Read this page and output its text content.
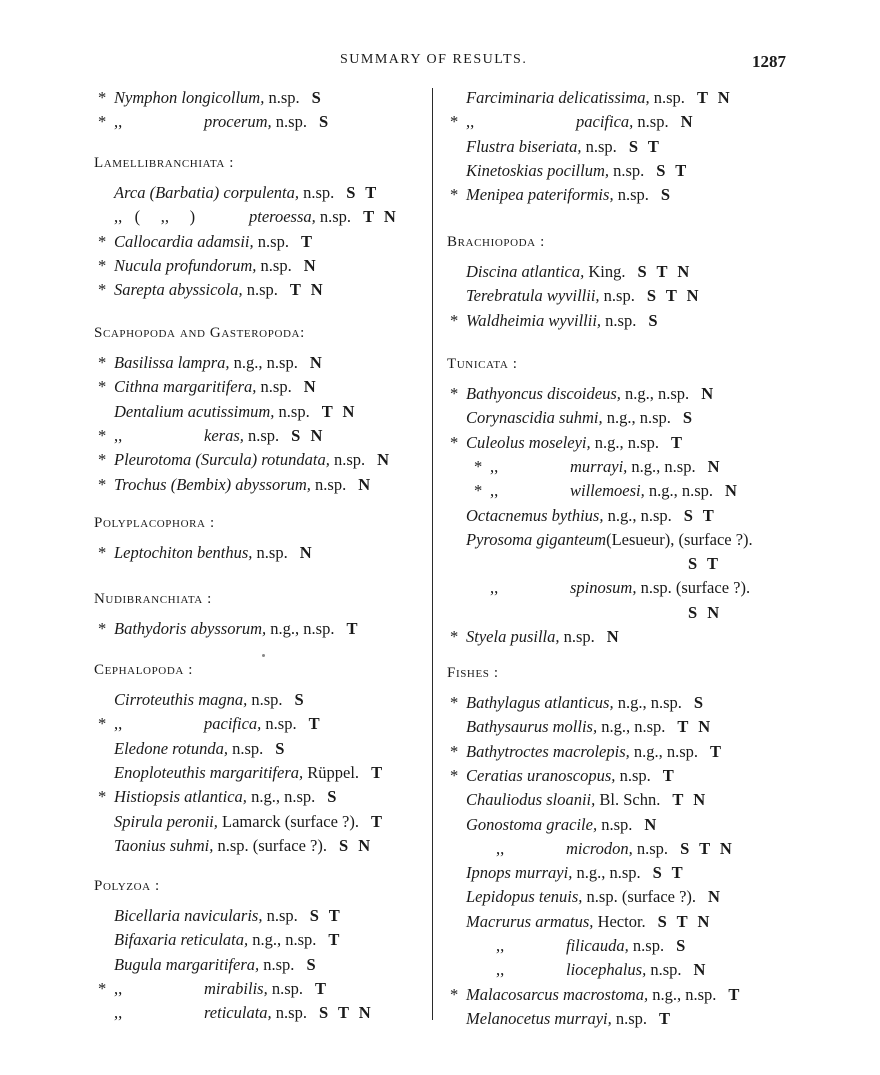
SUMMARY OF RESULTS.	1287
* Nymphon longicollum, n.sp. S
* ,,	procerum, n.sp. S
Lamellibranchiata :
Arca (Barbatia) corpulenta, n.sp. S T
,,   (     ,,     )	pteroessa, n.sp. T N
* Callocardia adamsii, n.sp. T
* Nucula profundorum, n.sp. N
* Sarepta abyssicola, n.sp. T N
Scaphopoda and Gasteropoda:
* Basilissa lampra, n.g., n.sp. N
* Cithna margaritifera, n.sp. N
Dentalium acutissimum, n.sp. T N
* ,,	keras, n.sp. S N
* Pleurotoma (Surcula) rotundata, n.sp. N
* Trochus (Bembix) abyssorum, n.sp. N
Polyplacophora :
* Leptochiton benthus, n.sp. N
Nudibranchiata :
* Bathydoris abyssorum, n.g., n.sp. T
Cephalopoda :
Cirroteuthis magna, n.sp. S
* ,,	pacifica, n.sp. T
Eledone rotunda, n.sp. S
Enoploteuthis margaritifera, Rüppel. T
* Histiopsis atlantica, n.g., n.sp. S
Spirula peronii, Lamarck (surface ?). T
Taonius suhmi, n.sp. (surface ?). S N
Polyzoa :
Bicellaria navicularis, n.sp. S T
Bifaxaria reticulata, n.g., n.sp. T
Bugula margaritifera, n.sp. S
* ,,	mirabilis, n.sp. T
,,	reticulata, n.sp. S T N
Farciminaria delicatissima, n.sp. T N
* ,,	pacifica, n.sp. N
Flustra biseriata, n.sp. S T
Kinetoskias pocillum, n.sp. S T
* Menipea pateriformis, n.sp. S
Brachiopoda :
Discina atlantica, King. S T N
Terebratula wyvillii, n.sp. S T N
* Waldheimia wyvillii, n.sp. S
Tunicata :
* Bathyoncus discoideus, n.g., n.sp. N
Corynascidia suhmi, n.g., n.sp. S
* Culeolus moseleyi, n.g., n.sp. T
* ,,	murrayi, n.g., n.sp. N
* ,,	willemoesi, n.g., n.sp. N
Octacnemus bythius, n.g., n.sp. S T
Pyrosoma giganteum(Lesueur), (surface ?).
S T
,,	spinosum, n.sp. (surface ?).
S N
* Styela pusilla, n.sp. N
Fishes :
* Bathylagus atlanticus, n.g., n.sp. S
Bathysaurus mollis, n.g., n.sp. T N
* Bathytroctes macrolepis, n.g., n.sp. T
* Ceratias uranoscopus, n.sp. T
Chauliodus sloanii, Bl. Schn. T N
Gonostoma gracile, n.sp. N
,,	microdon, n.sp. S T N
Ipnops murrayi, n.g., n.sp. S T
Lepidopus tenuis, n.sp. (surface ?). N
Macrurus armatus, Hector. S T N
,,	filicauda, n.sp. S
,,	liocephalus, n.sp. N
* Malacosarcus macrostoma, n.g., n.sp. T
Melanocetus murrayi, n.sp. T
